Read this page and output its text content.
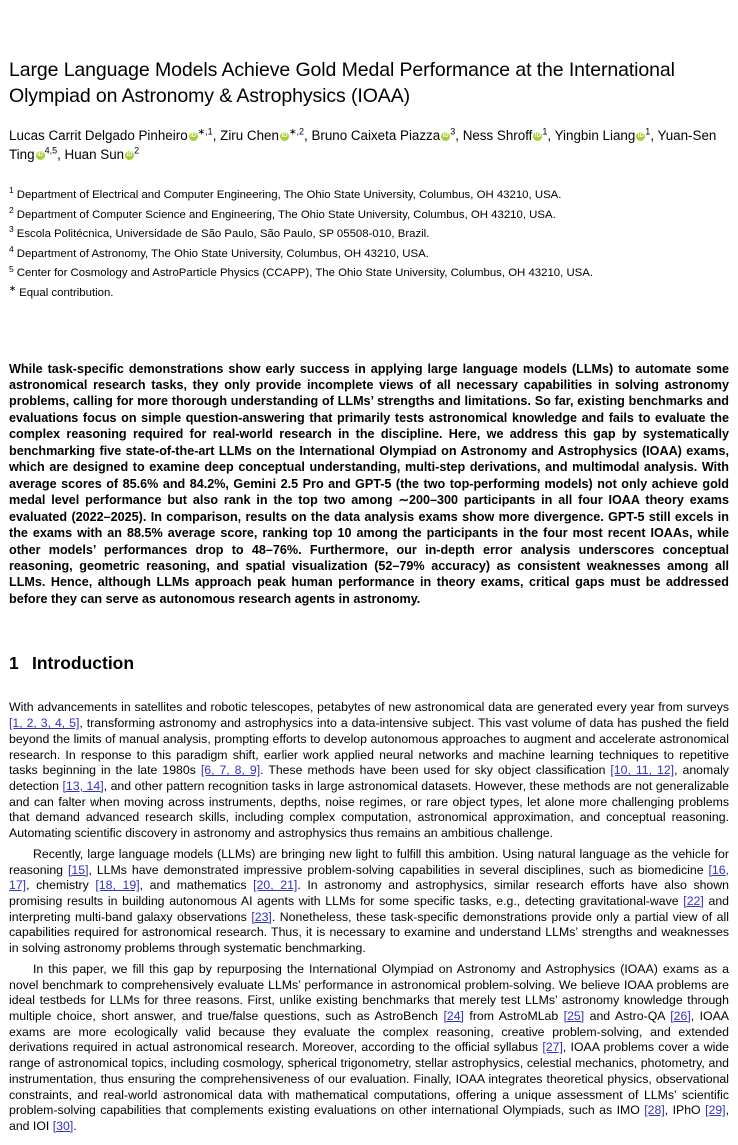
Large Language Models Achieve Gold Medal Performance at the International Olympiad on Astronomy & Astrophysics (IOAA)
Lucas Carrit Delgado Pinheiro iD $^{∗,1}$, Ziru Chen iD $^{∗,2}$, Bruno Caixeta Piazza iD $^3$, Ness Shroff iD $^1$, Yingbin Liang iD $^1$, Yuan-Sen Ting iD $^{4,5}$, Huan Sun iD $^2$
$^1$ Department of Electrical and Computer Engineering, The Ohio State University, Columbus, OH 43210, USA.
$^2$ Department of Computer Science and Engineering, The Ohio State University, Columbus, OH 43210, USA.
$^3$ Escola Politécnica, Universidade de São Paulo, São Paulo, SP 05508-010, Brazil.
$^4$ Department of Astronomy, The Ohio State University, Columbus, OH 43210, USA.
$^5$ Center for Cosmology and AstroParticle Physics (CCAPP), The Ohio State University, Columbus, OH 43210, USA.
∗ Equal contribution.
While task-specific demonstrations show early success in applying large language models (LLMs) to automate some astronomical research tasks, they only provide incomplete views of all necessary capabilities in solving astronomy problems, calling for more thorough understanding of LLMs’ strengths and limitations. So far, existing benchmarks and evaluations focus on simple question-answering that primarily tests astronomical knowledge and fails to evaluate the complex reasoning required for real-world research in the discipline. Here, we address this gap by systematically benchmarking five state-of-the-art LLMs on the International Olympiad on Astronomy and Astrophysics (IOAA) exams, which are designed to examine deep conceptual understanding, multi-step derivations, and multimodal analysis. With average scores of 85.6% and 84.2%, Gemini 2.5 Pro and GPT-5 (the two top-performing models) not only achieve gold medal level performance but also rank in the top two among ∼200–300 participants in all four IOAA theory exams evaluated (2022–2025). In comparison, results on the data analysis exams show more divergence. GPT-5 still excels in the exams with an 88.5% average score, ranking top 10 among the participants in the four most recent IOAAs, while other models’ performances drop to 48–76%. Furthermore, our in-depth error analysis underscores conceptual reasoning, geometric reasoning, and spatial visualization (52–79% accuracy) as consistent weaknesses among all LLMs. Hence, although LLMs approach peak human performance in theory exams, critical gaps must be addressed before they can serve as autonomous research agents in astronomy.
1 Introduction

With advancements in satellites and robotic telescopes, petabytes of new astronomical data are generated every year from surveys [1, 2, 3, 4, 5], transforming astronomy and astrophysics into a data-intensive subject. This vast volume of data has pushed the field beyond the limits of manual analysis, prompting efforts to develop autonomous approaches to augment and accelerate astronomical research. In response to this paradigm shift, earlier work applied neural networks and machine learning techniques to repetitive tasks beginning in the late 1980s [6, 7, 8, 9]. These methods have been used for sky object classification [10, 11, 12], anomaly detection [13, 14], and other pattern recognition tasks in large astronomical datasets. However, these methods are not generalizable and can falter when moving across instruments, depths, noise regimes, or rare object types, let alone more challenging problems that demand advanced research skills, including complex computation, astronomical approximation, and conceptual reasoning. Automating scientific discovery in astronomy and astrophysics thus remains an ambitious challenge.

Recently, large language models (LLMs) are bringing new light to fulfill this ambition. Using natural language as the vehicle for reasoning [15], LLMs have demonstrated impressive problem-solving capabilities in several disciplines, such as biomedicine [16, 17], chemistry [18, 19], and mathematics [20, 21]. In astronomy and astrophysics, similar research efforts have also shown promising results in building autonomous AI agents with LLMs for some specific tasks, e.g., detecting gravitational-wave [22] and interpreting multi-band galaxy observations [23]. Nonetheless, these task-specific demonstrations provide only a partial view of all capabilities required for astronomical research. Thus, it is necessary to examine and understand LLMs’ strengths and weaknesses in solving astronomy problems through systematic benchmarking.

In this paper, we fill this gap by repurposing the International Olympiad on Astronomy and Astrophysics (IOAA) exams as a novel benchmark to comprehensively evaluate LLMs’ performance in astronomical problem-solving. We believe IOAA problems are ideal testbeds for LLMs for three reasons. First, unlike existing benchmarks that merely test LLMs’ astronomy knowledge through multiple choice, short answer, and true/false questions, such as AstroBench [24] from AstroMLab [25] and Astro-QA [26], IOAA exams are more ecologically valid because they evaluate the complex reasoning, creative problem-solving, and extended derivations required in actual astronomical research. Moreover, according to the official syllabus [27], IOAA problems cover a wide range of astronomical topics, including cosmology, spherical trigonometry, stellar astrophysics, celestial mechanics, photometry, and instrumentation, thus ensuring the comprehensiveness of our evaluation. Finally, IOAA integrates theoretical physics, observational constraints, and real-world astronomical data with mathematical computations, offering a unique assessment of LLMs’ scientific problem-solving capabilities that complements existing evaluations on other international Olympiads, such as IMO [28], IPhO [29], and IOI [30].
